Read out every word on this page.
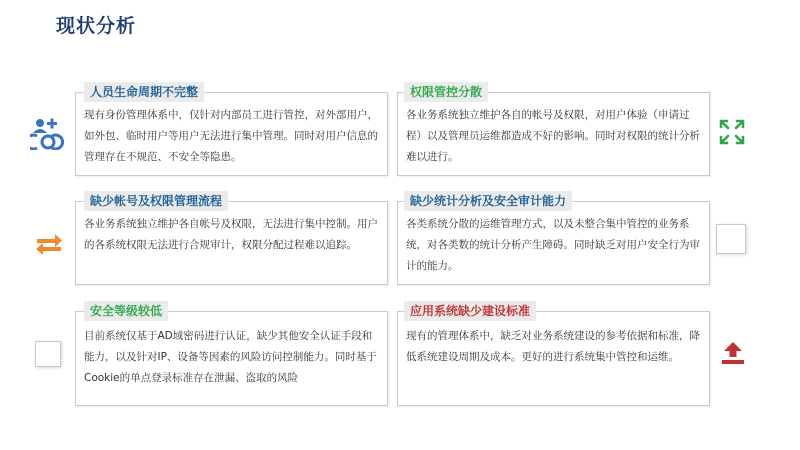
现状分析
人员生命周期不完整
现有身份管理体系中，仅针对内部员工进行管控，对外部用户，如外包、临时用户等用户无法进行集中管理。同时对用户信息的管理存在不规范、不安全等隐患。
权限管控分散
各业务系统独立维护各自的帐号及权限，对用户体验（申请过程）以及管理员运维都造成不好的影响。同时对权限的统计分析难以进行。
缺少帐号及权限管理流程
各业务系统独立维护各自帐号及权限，无法进行集中控制。用户的各系统权限无法进行合规审计，权限分配过程难以追踪。
缺少统计分析及安全审计能力
各类系统分散的运维管理方式，以及未整合集中管控的业务系统，对各类数的统计分析产生障碍。同时缺乏对用户安全行为审计的能力。
安全等级较低
目前系统仅基于AD域密码进行认证，缺少其他安全认证手段和能力，以及针对IP、设备等因素的风险访问控制能力。同时基于Cookie的单点登录标准存在泄漏、盗取的风险
应用系统缺少建设标准
现有的管理体系中，缺乏对业务系统建设的参考依据和标准，降低系统建设周期及成本。更好的进行系统集中管控和运维。
